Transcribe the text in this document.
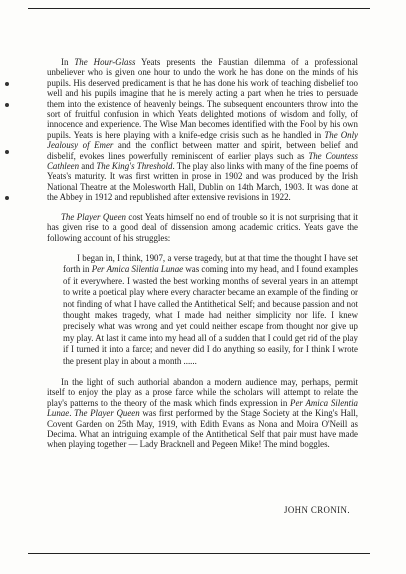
In The Hour-Glass Yeats presents the Faustian dilemma of a professional unbeliever who is given one hour to undo the work he has done on the minds of his pupils. His deserved predicament is that he has done his work of teaching disbelief too well and his pupils imagine that he is merely acting a part when he tries to persuade them into the existence of heavenly beings. The subsequent encounters throw into the sort of fruitful confusion in which Yeats delighted motions of wisdom and folly, of innocence and experience. The Wise Man becomes identified with the Fool by his own pupils. Yeats is here playing with a knife-edge crisis such as he handled in The Only Jealousy of Emer and the conflict between matter and spirit, between belief and disbelif, evokes lines powerfully reminiscent of earlier plays such as The Countess Cathleen and The King's Threshold. The play also links with many of the fine poems of Yeats's maturity. It was first written in prose in 1902 and was produced by the Irish National Theatre at the Molesworth Hall, Dublin on 14th March, 1903. It was done at the Abbey in 1912 and republished after extensive revisions in 1922.

The Player Queen cost Yeats himself no end of trouble so it is not surprising that it has given rise to a good deal of dissension among academic critics. Yeats gave the following account of his struggles:

I began in, I think, 1907, a verse tragedy, but at that time the thought I have set forth in Per Amica Silentia Lunae was coming into my head, and I found examples of it everywhere. I wasted the best working months of several years in an attempt to write a poetical play where every character became an example of the finding or not finding of what I have called the Antithetical Self; and because passion and not thought makes tragedy, what I made had neither simplicity nor life. I knew precisely what was wrong and yet could neither escape from thought nor give up my play. At last it came into my head all of a sudden that I could get rid of the play if I turned it into a farce; and never did I do anything so easily, for I think I wrote the present play in about a month ......

In the light of such authorial abandon a modern audience may, perhaps, permit itself to enjoy the play as a prose farce while the scholars will attempt to relate the play's patterns to the theory of the mask which finds expression in Per Amica Silentia Lunae. The Player Queen was first performed by the Stage Society at the King's Hall, Covent Garden on 25th May, 1919, with Edith Evans as Nona and Moira O'Neill as Decima. What an intriguing example of the Antithetical Self that pair must have made when playing together — Lady Bracknell and Pegeen Mike! The mind boggles.

JOHN CRONIN.
